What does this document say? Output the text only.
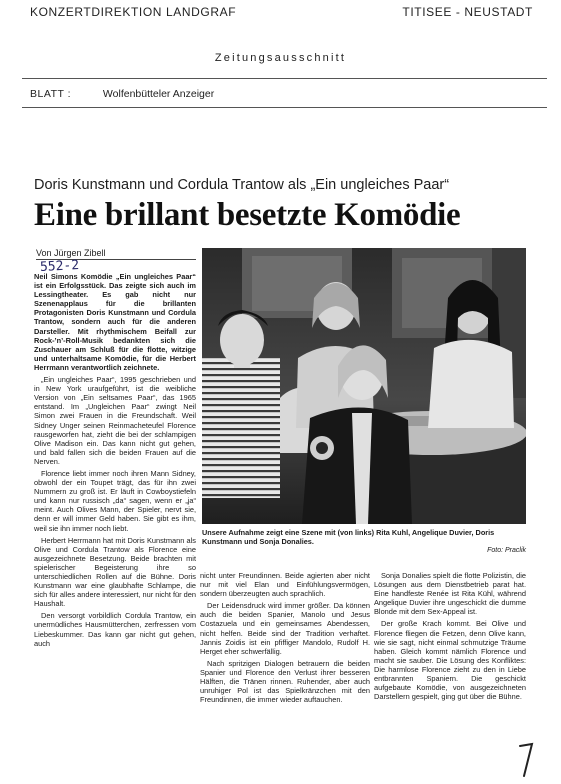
KONZERTDIREKTION LANDGRAF	TITISEE - NEUSTADT
Zeitungsausschnitt
BLATT :	Wolfenbütteler Anzeiger
Doris Kunstmann und Cordula Trantow als „Ein ungleiches Paar“
Eine brillant besetzte Komödie
Von Jürgen Zibell
552-2

Neil Simons Komödie „Ein ungleiches Paar“ ist ein Erfolgsstück. Das zeigte sich auch im Lessingtheater. Es gab nicht nur Szenenapplaus für die brillanten Protagonisten Doris Kunstmann und Cordula Trantow, sondern auch für die anderen Darsteller. Mit rhythmischem Beifall zur Rock-’n’-Roll-Musik bedankten sich die Zuschauer am Schluß für die flotte, witzige und unterhaltsame Komödie, für die Herbert Herrmann verantwortlich zeichnete.

„Ein ungleiches Paar“, 1995 geschrieben und in New York uraufgeführt, ist die weibliche Version von „Ein seltsames Paar“, das 1965 entstand. Im „Ungleichen Paar“ zwingt Neil Simon zwei Frauen in die Freundschaft. Weil Sidney Unger seinen Reinmacheteufel Florence rausgeworfen hat, zieht die bei der schlampigen Olive Madison ein. Das kann nicht gut gehen, und bald fallen sich die beiden Frauen auf die Nerven.

Florence liebt immer noch ihren Mann Sidney, obwohl der ein Toupet trägt, das für ihn zwei Nummern zu groß ist. Er läuft in Cowboystiefeln und kann nur russisch „da“ sagen, wenn er „ja“ meint. Auch Olives Mann, der Spieler, nervt sie, denn er will immer Geld haben. Sie gibt es ihm, weil sie ihn immer noch liebt.

Herbert Herrmann hat mit Doris Kunstmann als Olive und Cordula Trantow als Florence eine ausgezeichnete Besetzung. Beide brachten mit spielerischer Begeisterung ihre so unterschiedlichen Rollen auf die Bühne. Doris Kunstmann war eine glaubhafte Schlampe, die sich für alles andere interessiert, nur nicht für den Haushalt.

Den versorgt vorbildlich Cordula Trantow, ein unermüdliches Hausmütterchen, zerfressen vom Liebeskummer. Das kann gar nicht gut gehen, auch

Unsere Aufnahme zeigt eine Szene mit (von links) Rita Kuhl, Angelique Duvier, Doris Kunstmann und Sonja Donalies.
Foto: Praclik

nicht unter Freundinnen. Beide agierten aber nicht nur mit viel Elan und Einfühlungsvermögen, sondern überzeugten auch sprachlich.

Der Leidensdruck wird immer größer. Da können auch die beiden Spanier, Manolo und Jesus Costazuela und ein gemeinsames Abendessen, nicht helfen. Beide sind der Tradition verhaftet. Jannis Zoidis ist ein pfiffiger Mandolo, Rudolf H. Herget eher schwerfällig.

Nach spritzigen Dialogen betrauern die beiden Spanier und Florence den Verlust ihrer besseren Hälften, die Tränen rinnen. Ruhender, aber auch unruhiger Pol ist das Spielkränzchen mit den Freundinnen, die immer wieder auftauchen.

Sonja Donalies spielt die flotte Polizistin, die Lösungen aus dem Dienstbetrieb parat hat. Eine handfeste Renée ist Rita Kühl, während Angelique Duvier ihre ungeschickt die dumme Blonde mit dem Sex-Appeal ist.

Der große Krach kommt. Bei Olive und Florence fliegen die Fetzen, denn Olive kann, wie sie sagt, nicht einmal schmutzige Träume haben. Gleich kommt nämlich Florence und macht sie sauber. Die Lösung des Konfliktes: Die harmlose Florence zieht zu den in Liebe entbrannten Spaniern. Die geschickt aufgebaute Komödie, von ausgezeichneten Darstellern gespielt, ging gut über die Bühne.
